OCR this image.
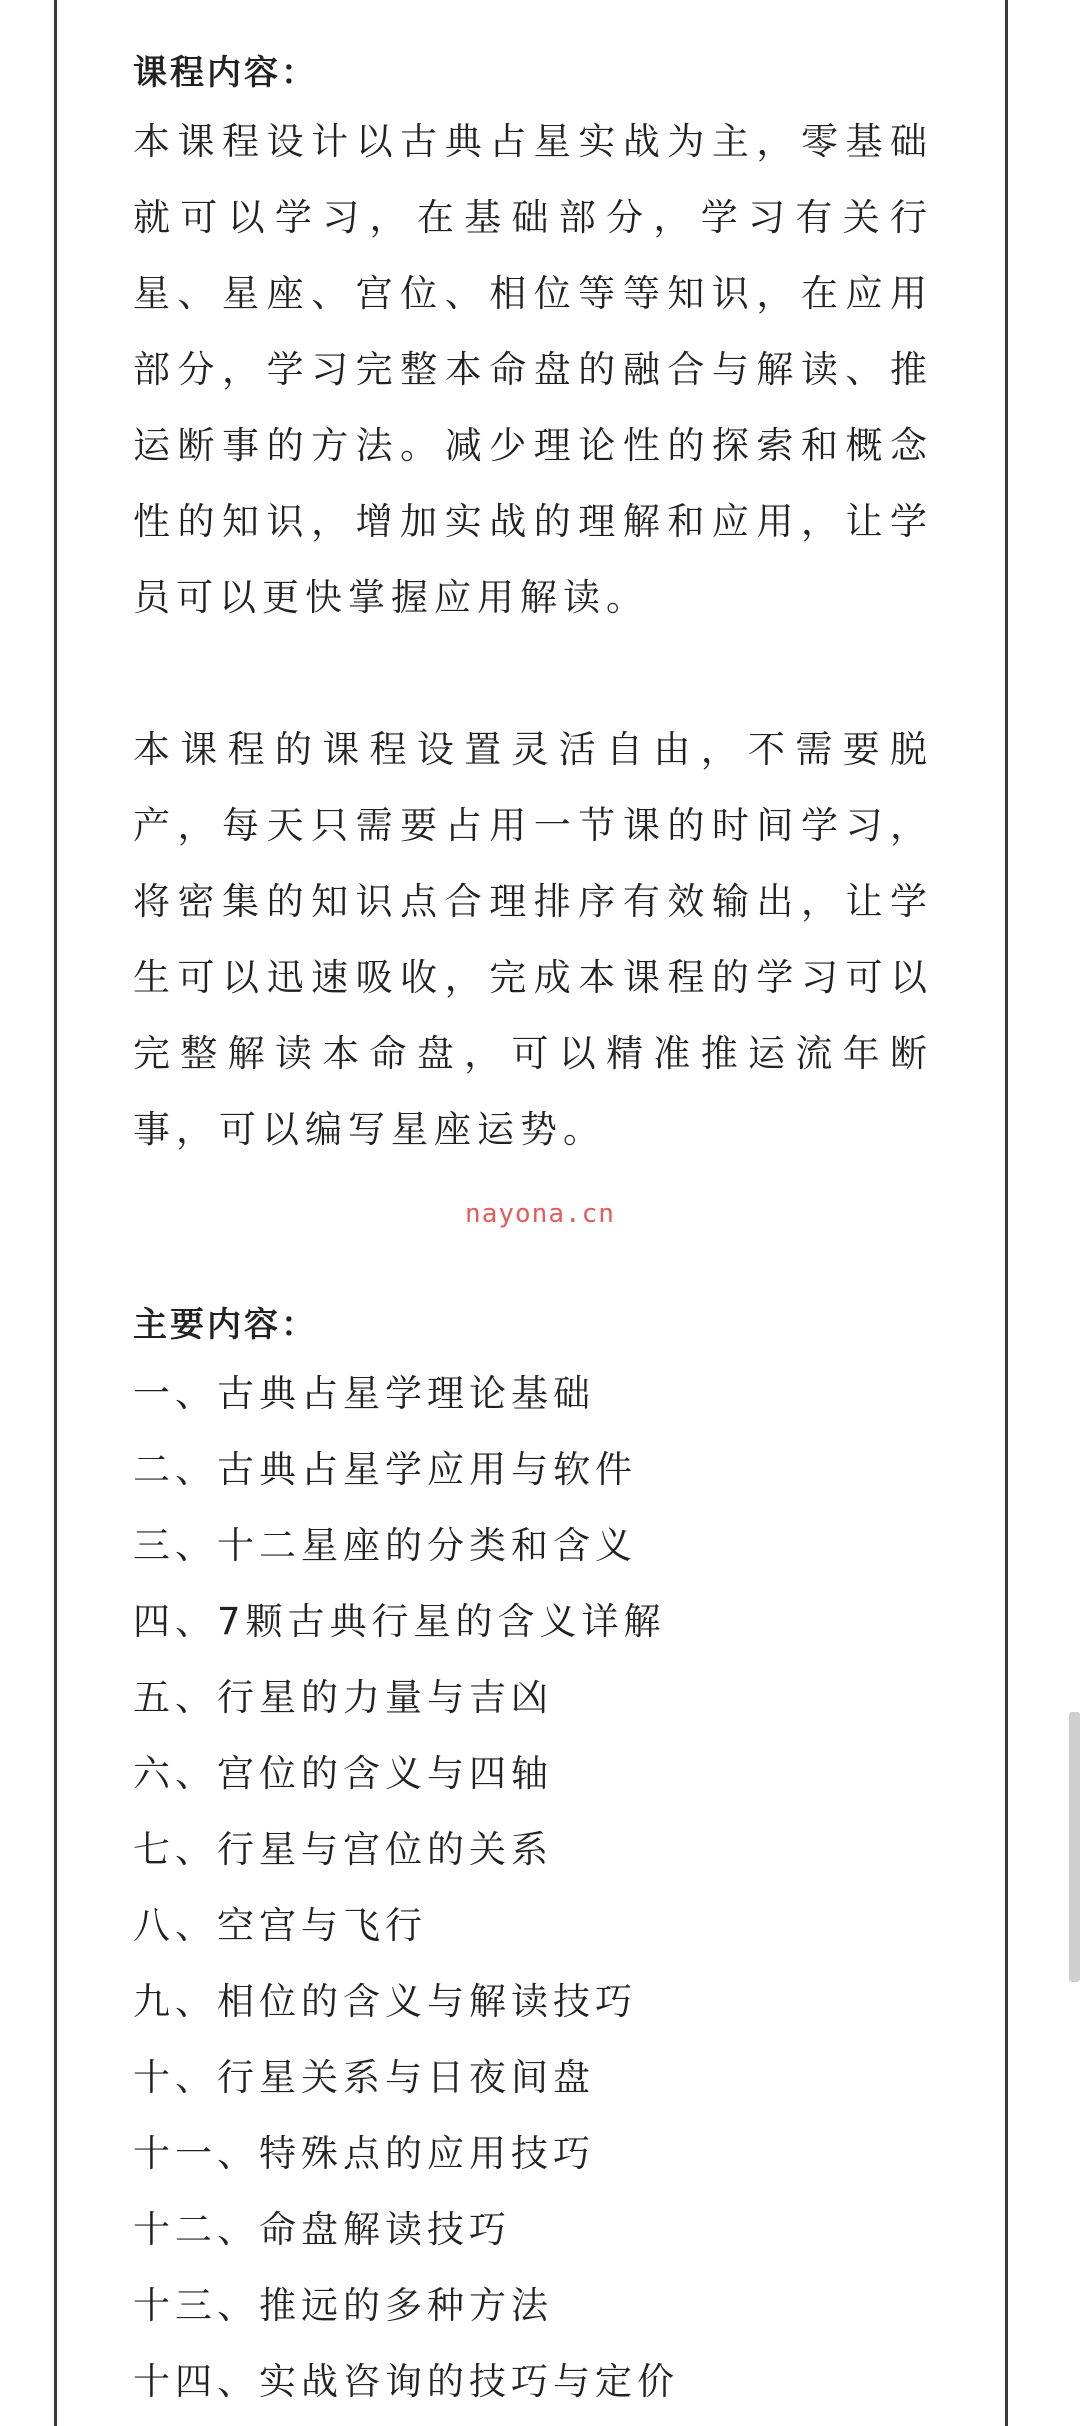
课程内容：

本课程设计以古典占星实战为主，零基础就可以学习，在基础部分，学习有关行星、星座、宫位、相位等等知识，在应用部分，学习完整本命盘的融合与解读、推运断事的方法。减少理论性的探索和概念性的知识，增加实战的理解和应用，让学员可以更快掌握应用解读。

本课程的课程设置灵活自由，不需要脱产，每天只需要占用一节课的时间学习，将密集的知识点合理排序有效输出，让学生可以迅速吸收，完成本课程的学习可以完整解读本命盘，可以精准推运流年断事，可以编写星座运势。

nayona.cn
主要内容：
一、古典占星学理论基础
二、古典占星学应用与软件
三、十二星座的分类和含义
四、7颗古典行星的含义详解
五、行星的力量与吉凶
六、宫位的含义与四轴
七、行星与宫位的关系
八、空宫与飞行
九、相位的含义与解读技巧
十、行星关系与日夜间盘
十一、特殊点的应用技巧
十二、命盘解读技巧
十三、推远的多种方法
十四、实战咨询的技巧与定价
